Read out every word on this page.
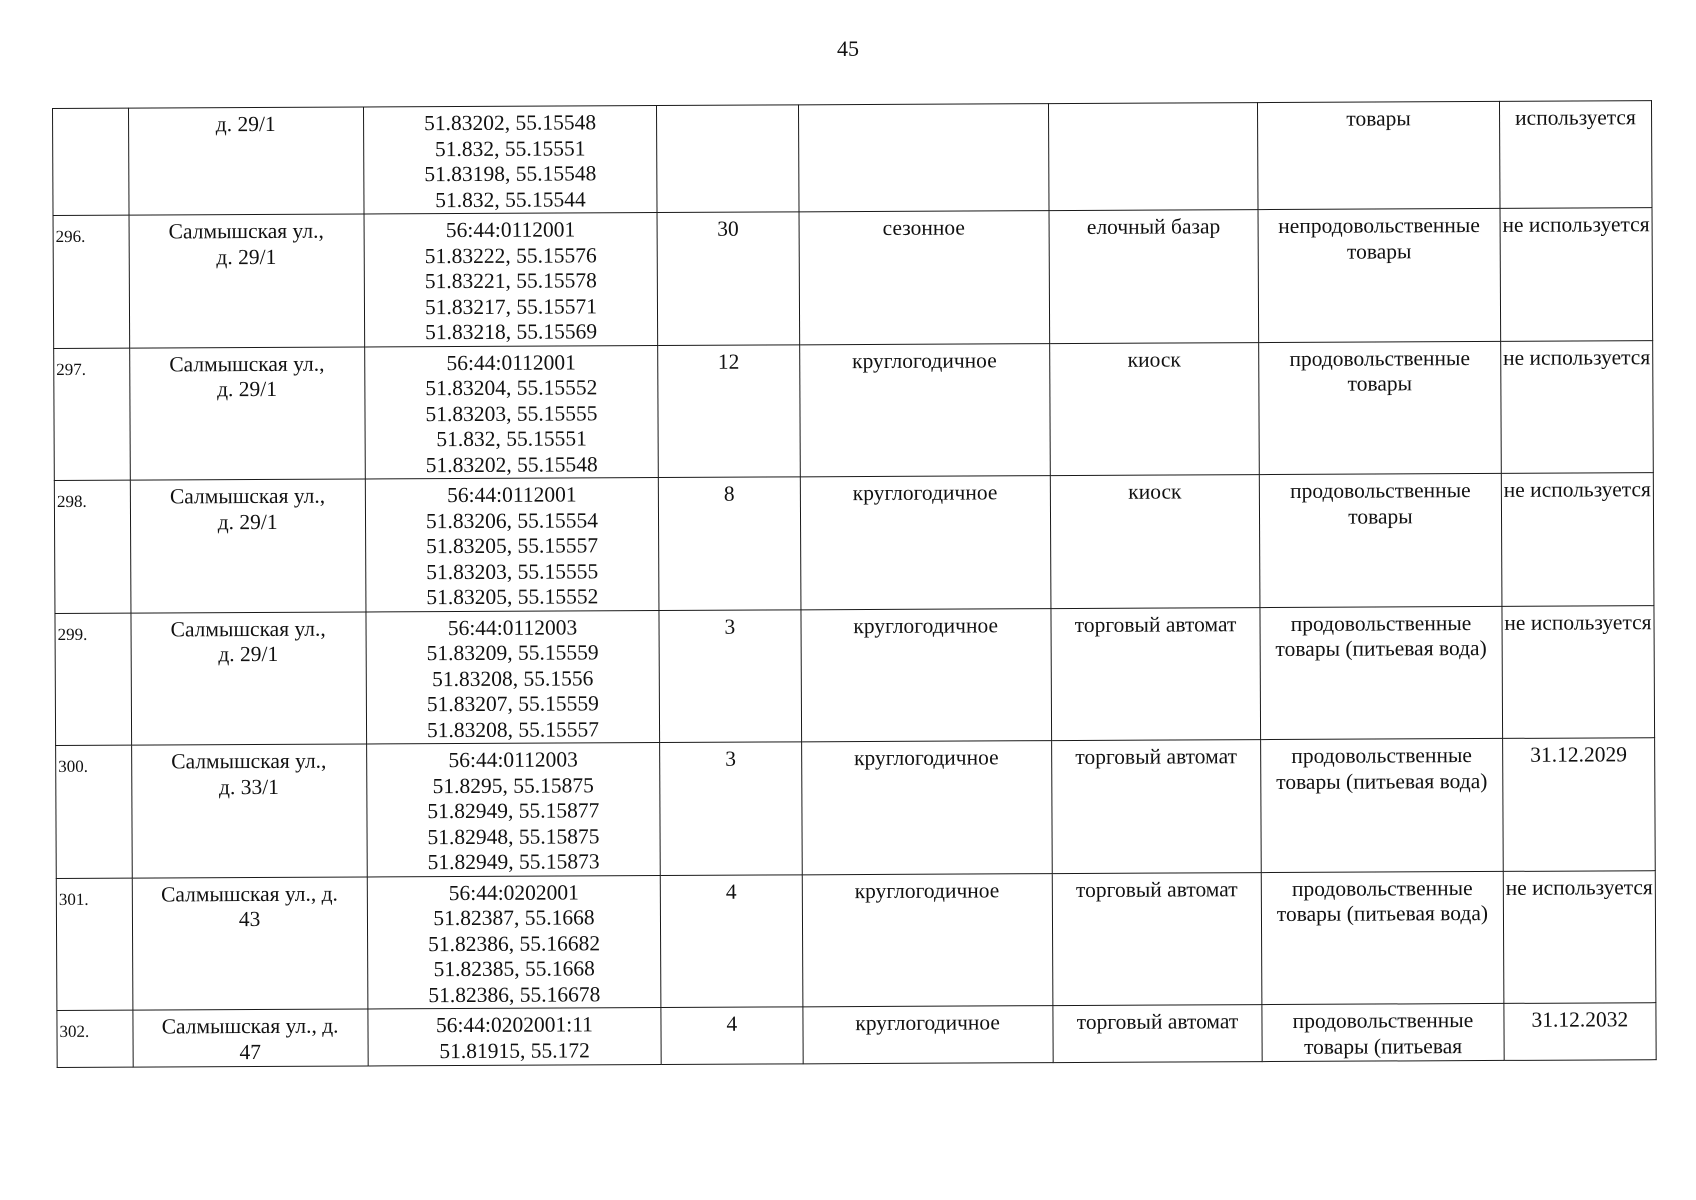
45

	д. 29/1	51.83202, 55.15548
51.832, 55.15551
51.83198, 55.15548
51.832, 55.15544				товары	используется
296.	Салмышская ул.,
д. 29/1	56:44:0112001
51.83222, 55.15576
51.83221, 55.15578
51.83217, 55.15571
51.83218, 55.15569	30	сезонное	елочный базар	непродовольственные товары	не используется
297.	Салмышская ул.,
д. 29/1	56:44:0112001
51.83204, 55.15552
51.83203, 55.15555
51.832, 55.15551
51.83202, 55.15548	12	круглогодичное	киоск	продовольственные товары	не используется
298.	Салмышская ул.,
д. 29/1	56:44:0112001
51.83206, 55.15554
51.83205, 55.15557
51.83203, 55.15555
51.83205, 55.15552	8	круглогодичное	киоск	продовольственные товары	не используется
299.	Салмышская ул.,
д. 29/1	56:44:0112003
51.83209, 55.15559
51.83208, 55.1556
51.83207, 55.15559
51.83208, 55.15557	3	круглогодичное	торговый автомат	продовольственные товары (питьевая вода)	не используется
300.	Салмышская ул.,
д. 33/1	56:44:0112003
51.8295, 55.15875
51.82949, 55.15877
51.82948, 55.15875
51.82949, 55.15873	3	круглогодичное	торговый автомат	продовольственные товары (питьевая вода)	31.12.2029
301.	Салмышская ул., д.
43	56:44:0202001
51.82387, 55.1668
51.82386, 55.16682
51.82385, 55.1668
51.82386, 55.16678	4	круглогодичное	торговый автомат	продовольственные товары (питьевая вода)	не используется
302.	Салмышская ул., д.
47	56:44:0202001:11
51.81915, 55.172	4	круглогодичное	торговый автомат	продовольственные товары (питьевая	31.12.2032
